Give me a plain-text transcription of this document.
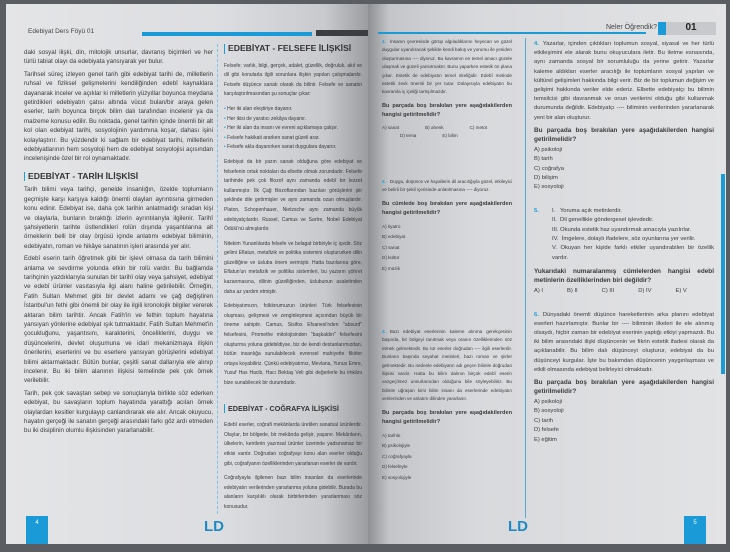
Edebiyat Ders Föyü 01

daki sosyal ilişki, din, mitolojik unsurlar, davranış biçimleri ve her türlü tabiat olayı da edebiyata yansıyarak yer bulur.

Tarihsel süreç izleyen genel tarih gibi edebiyat tarihi de, milletlerin ruhsal ve fiziksel gelişmelerini kendiliğinden edebî kaynaklara dayanarak inceler ve açıklar ki milletlerin yüzyıllar boyunca meydana getirdikleri edebiyatın çatısı altında vücut bulan/bir araya gelen eserler, tarih boyunca birçok bilim dalı tarafından incelenir ya da malzeme konusu edilir. Bu noktada, genel tarihin içinde önemli bir alt kol olan edebiyat tarihi, sosyolojinin yardımına koşar, dahası işini kolaylaştırır. Bu yüzdendir ki sağlam bir edebiyat tarihi, milletlerin edebiyatlarının hem sosyoloji hem de edebiyat sosyolojisi açısından incelenişinde özel bir rol oynamaktadır.

EDEBİYAT - TARİH İLİŞKİSİ

Tarih bilimi veya tarihçi, genelde insanlığın, özelde toplumların geçmişte karşı karşıya kaldığı önemli olayları ayrıntısına girmeden konu edinir. Edebiyat ise, daha çok tarihin anlatmadığı sıradan kişi ve olaylarla, bunların bıraktığı izlerin ayrıntılarıyla ilgilenir. Tarihî şahsiyetlerin tarihte üstlendikleri rolün dışında yaşantılarına ait örneklerin belli bir olay örgüsü içinde anlatımı edebiyat biliminin, edebiyatın, roman ve hikâye sanatının işleri arasında yer alır.

Edebî eserin tarih öğretmek gibi bir işlevi olmasa da tarih bilimini anlama ve sevdirme yolunda etkin bir rolü vardır. Bu bağlamda tarihçinin yazdıklarıyla sunulan bir tarihî olay veya şahsiyet, edebiyat ve edebî ürünler vasıtasıyla ilgi alanı haline getirilebilir. Örneğin, Fatih Sultan Mehmet gibi bir devlet adamı ve çağ değiştiren İstanbul'un fethi gibi önemli bir olay ile ilgili kronolojik bilgiler vererek aktaran bilim tarihtir. Ancak Fatih'in ve fethin toplum hayatına yansıyan yönlerine edebiyat ışık tutmaktadır. Fatih Sultan Mehmet'in çocukluğunu, yaşantısını, karakterini, önceliklerini, duygu ve düşüncelerini, devlet oluşumuna ve idari mekanizmaya ilişkin önerilerini, eserlerini ve bu eserlere yansıyan görüşlerini edebiyat bilimi aktarmaktadır. Bütün bunlar, çeşitli sanat dallarıyla ele alınıp incelenir. Bu iki bilim alanının ilişkisi temelinde pek çok örnek verilebilir.

Tarih, pek çok savaştan sebep ve sonuçlarıyla birlikte söz ederken edebiyat, bu savaşların toplum hayatında yarattığı acıları örnek olaylardan kesitler kurgulayıp canlandırarak ele alır. Ancak okuyucu, hayatın gerçeği ile sanatın gerçeği arasındaki farkı göz ardı etmeden bu iki disiplinin olumlu ilişkisinden yararlanabilir.

EDEBİYAT - FELSEFE İLİŞKİSİ

Felsefe; varlık, bilgi, gerçek, adalet, güzellik, doğruluk, akıl ve dil gibi konularla ilgili sorunlara ilişkin yapılan çalışmalardır. Felsefe düşünce sanatı olarak da bilinir. Felsefe ve sanatın karşılaştırılmasından şu sonuçlar çıkar:

• Her iki alan eleştiriye dayanır.
• Her ikisi de yaratıcı zekâya dayanır.
• Her iki alan da insanı ve evreni açıklamaya çalışır.
• Felsefe hakikati ararken sanat güzeli arar.
• Felsefe akla dayanırken sanat duygulara dayanır.

Edebiyat da bir yazın sanatı olduğuna göre edebiyat ve felsefenin ortak noktaları da elbette olmak zorundadır. Felsefe tarihinde pek çok filozof aynı zamanda edebî bir lezzet kullanmıştır. İlk Çağ filozoflarından bazıları görüşlerini şiir şeklinde dile getirmişler ve aynı zamanda ozan olmuşlardır. Platon, Schopenhauer, Nietzsche aynı zamanda büyük edebiyatçılardır. Russel, Camus ve Sartre, Nobel Edebiyat Ödülü'nü almışlardır.

Nitekim Yunanlılarda felsefe ve belagat birbiriyle iç içedir. Söz gelimi Eflatun, metafizik ve politika sistemini oluştururken dilin güzelliğine ve üsluba önem vermiştir. Hatta bazılarına göre, Eflatun'un metafizik ve politika sistemleri, bu yazarın şöhret kazanmasına, dilinin güzelliğinden, üslubunun asaletinden daha az yardım etmiştir.

Edebiyatımızın, folklorumuzun ürünleri Türk felsefesinin oluşması, gelişmesi ve zenginleşmesi açısından büyük bir öneme sahiptir. Camus, Sisifos Efsanesi'nden "absurd" felsefesini, Promethe mitolojisinden "başkaldırı" felsefesini oluşturma yoluna gidebildiyse, biz de kendi destanlarımızdan, bütün insanlığa sunulabilecek evrensel mahiyette fikirler ortaya koyabiliriz. Çünkü edebiyatımız, Mevlana, Yunus Emre, Yusuf Has Hacib, Hacı Bektaş Veli gibi değerlerle bu imkânı bize sunabilecek bir durumdadır.

EDEBİYAT - COĞRAFYA İLİŞKİSİ

Edebî eserler, coğrafi mekânlarda üretilen sanatsal ürünlerdir. Olaylar, bir bölgede, bir mekânda gelişir, yaşanır. Mekânların, ülkelerin, kentlerin yazınsal ürünler üzerinde yadsınamaz bir etkisi vardır. Doğrudan coğrafyayı konu alan eserler olduğu gibi, coğrafyanın özelliklerinden yararlanan eserler de vardır.

Coğrafyayla ilgilenen bazı bilim insanları da eserlerinde edebiyatın verilerinden yararlanma yoluna gidebilir. Burada bu alanların karşılıklı olarak birbirlerinden yararlanması söz konusudur.

4	LD
Neler Öğrendik?	01

1. İnsanın çevresinde görüp algıladıklarını heyecan ve güzel duygular uyandıracak şekilde kendi bakış ve yorumu ile yeniden oluşturmasına ---- diyoruz. Bu kavramın en temel amacı güzele ulaşmak ve güzeli yansıtmaktır. Bunu yaparken estetik ön plana çıkar. Estetik de edebiyatın temel niteliğidir. Edebî metinde estetik zevk önemli bir yer tutar. Dolayısıyla edebiyatın bu kavramla iç içeliği tartışılmazdır.

Bu parçada boş bırakılan yere aşağıdakilerden hangisi getirilmelidir?
A) sanat	B) ahenk	C) metot
D) tema	E) bilim

2. Duygu, düşünce ve hayallerin dil aracılığıyla güzel, etkileyici ve belirli bir şekil içerisinde anlatılmasına ---- diyoruz.

Bu cümlede boş bırakılan yere aşağıdakilerden hangisi getirilmelidir?
A) tiyatro
B) edebiyat
C) sanat
D) kültür
E) müzik

3. Bazı edebiyat eserlerinin kaleme alınma gerekçesinin başında, bir bölgeyi tanıtmak veya oranın özelliklerinden söz etmek gelmektedir. Bu tür eserler doğrudan ---- ilgili eserlerdir. Bunların başında seyahat metinleri, bazı roman ve şiirler gelmektedir. Bu nedenle edebiyatın adı geçen bilimle doğrudan ilişkisi vardır. Hatta bu bilim dalının birçok edebî eserin vazgeçilmez unsurlarından olduğunu bile söyleyebiliriz. Bu bilimle uğraşan kimi bilim insanı da eserlerinde edebiyatın verilerinden ve anlatım dilinden yararlanır.

Bu parçada boş bırakılan yere aşağıdakilerden hangisi getirilmelidir?
A) tarihle
B) psikolojiyle
C) coğrafyayla
D) felsefeyle
E) sosyolojiyle

4. Yazarlar, içinden çıktıkları toplumun sosyal, siyasal ve her türlü etkileşimini ele alarak bunu okuyuculara iletir. Bu iletme esnasında, aynı zamanda sosyal bir sorumluluğu da yerine getirir. Yazarlar kaleme aldıkları eserler aracılığı ile toplumların sosyal yapıları ve kültürel gelişimleri hakkında bilgi verir. Biz de bir toplumun değişim ve gelişimi hakkında veriler elde ederiz. Elbette edebiyatçı bu bilimin temsilcisi gibi davranmak ve onun verilerini olduğu gibi kullanmak durumunda değildir. Edebiyatçı ---- biliminin verilerinden yararlanarak yeni bir alan oluşturur.

Bu parçada boş bırakılan yere aşağıdakilerden hangisi getirilmelidir?
A) psikoloji
B) tarih
C) coğrafya
D) bilişim
E) sosyoloji
5. I.   Yoruma açık metinlerdir.
II.  Dil genellikle göndergesel işlevdedir.
III. Okunda estetik haz uyandırmak amacıyla yazılırlar.
IV.  İmgelere, dolaylı ifadelere, söz oyunlarına yer verilir.
V. Okuyan her kişide farklı etkiler uyandırabilen bir özellik vardır.
Yukarıdaki numaralanmış cümlelerden hangisi edebî metinlerin özelliklerinden biri değildir?
A) I	B) II	C) III	D) IV	E) V

6. Dünyadaki önemli düşünce hareketlerinin arka planını edebiyat eserleri hazırlamıştır. Bunlar bir ---- biliminin ilkeleri ile ele alınmış olsaydı, hiçbir zaman bir edebiyat eserinin yaptığı etkiyi yapmazdı. Bu iki bilim arasındaki ilişki düşüncenin ve fikrin estetik ifadesi olarak da açıklanabilir. Bu bilim dalı düşünceyi oluşturur, edebiyat da bu düşünceyi kurgular. İşte bu bakımdan düşüncenin yaygınlaşması ve etkili olmasında edebiyat belirleyici olmaktadır.

Bu parçada boş bırakılan yere aşağıdakilerden hangisi getirilmelidir?
A) psikoloji
B) sosyoloji
C) tarih
D) felsefe
E) eğitim
LD	5
